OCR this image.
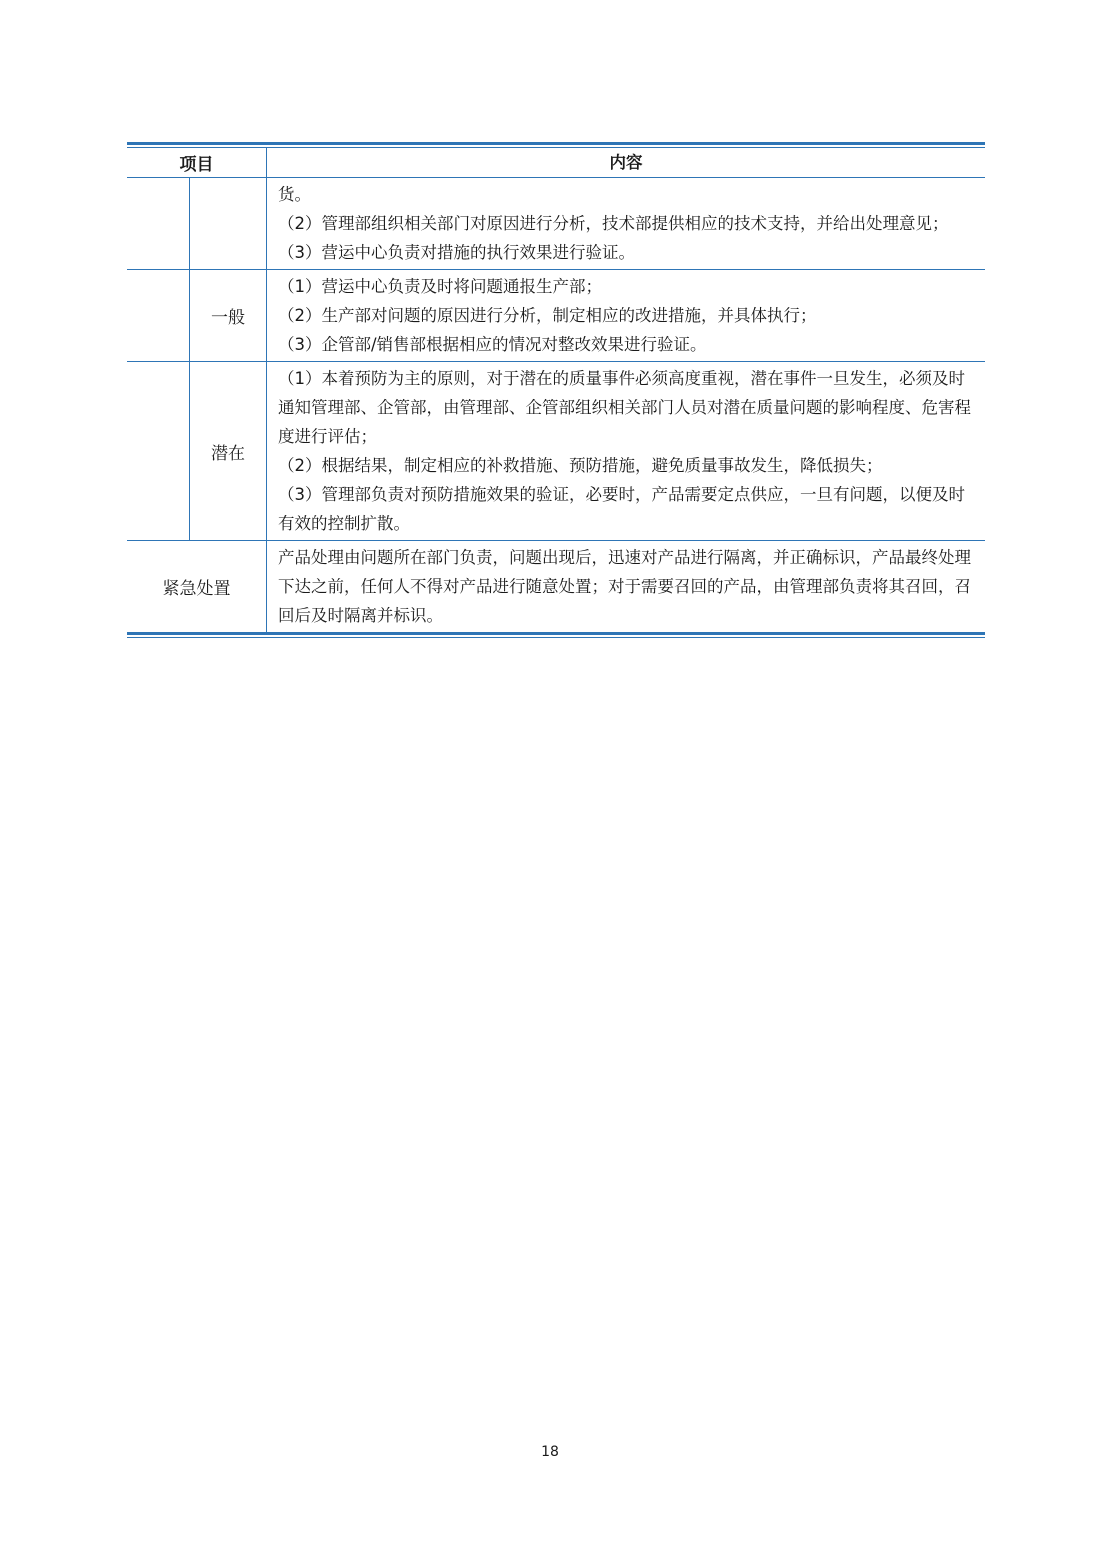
项目	内容

货。

（2）管理部组织相关部门对原因进行分析，技术部提供相应的技术支持，并给出处理意见；

（3）营运中心负责对措施的执行效果进行验证。

一般

（1）营运中心负责及时将问题通报生产部；

（2）生产部对问题的原因进行分析，制定相应的改进措施，并具体执行；

（3）企管部/销售部根据相应的情况对整改效果进行验证。

潜在

（1）本着预防为主的原则，对于潜在的质量事件必须高度重视，潜在事件一旦发生，必须及时通知管理部、企管部，由管理部、企管部组织相关部门人员对潜在质量问题的影响程度、危害程度进行评估；

（2）根据结果，制定相应的补救措施、预防措施，避免质量事故发生，降低损失；

（3）管理部负责对预防措施效果的验证，必要时，产品需要定点供应，一旦有问题，以便及时有效的控制扩散。

紧急处置

产品处理由问题所在部门负责，问题出现后，迅速对产品进行隔离，并正确标识，产品最终处理下达之前，任何人不得对产品进行随意处置；对于需要召回的产品，由管理部负责将其召回，召回后及时隔离并标识。

18
